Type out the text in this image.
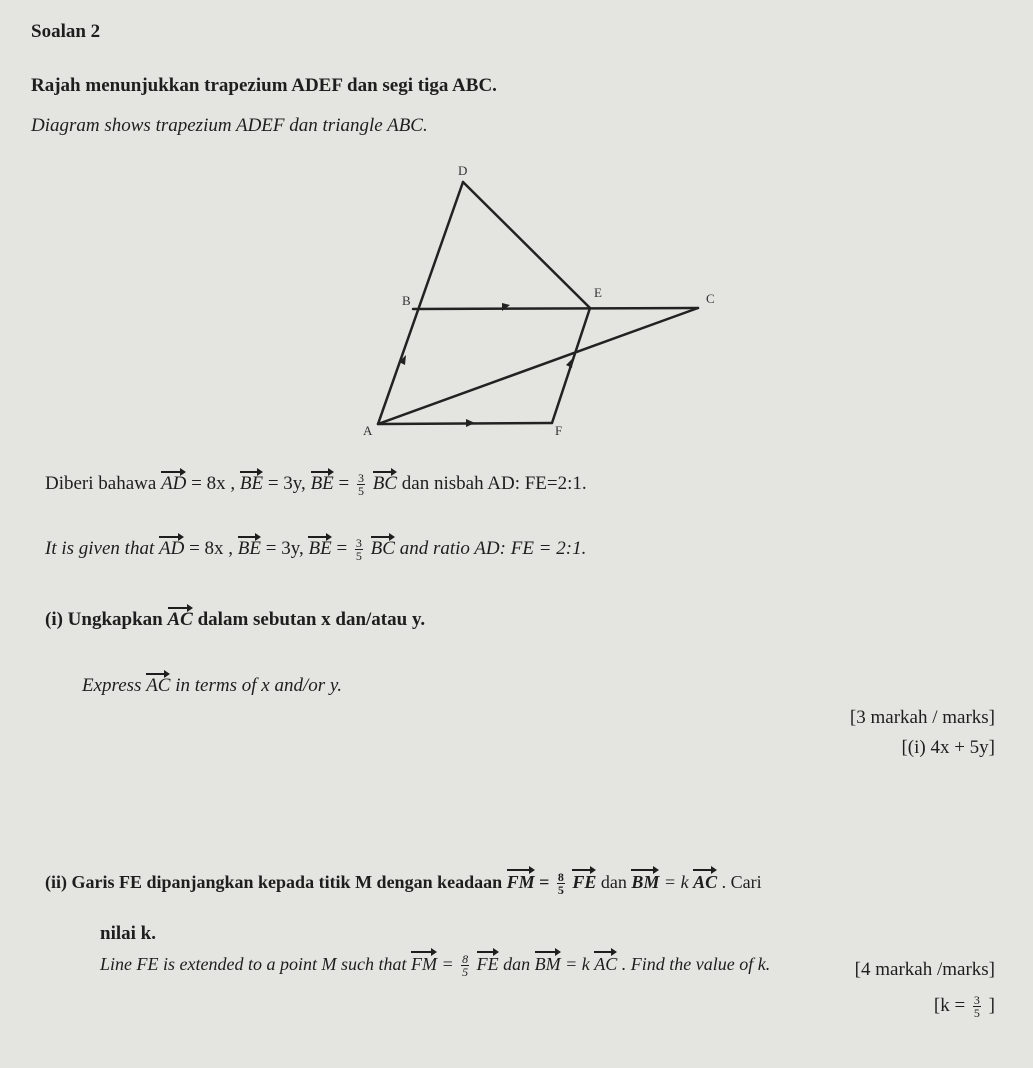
Soalan 2
Rajah menunjukkan trapezium ADEF dan segi tiga ABC.
Diagram shows trapezium ADEF dan triangle ABC.
D
B
E	C
A	F
Diberi bahawa AD = 8x , BE = 3y, BE = $\frac{3}{5}$ BC dan nisbah AD: FE=2:1.
It is given that AD = 8x , BE = 3y, BE = $\frac{3}{5}$ BC and ratio AD: FE = 2:1.
(i) Ungkapkan AC dalam sebutan x dan/atau y.
Express AC in terms of x and/or y.
[3 markah / marks]
[(i) 4x + 5y]
(ii) Garis FE dipanjangkan kepada titik M dengan keadaan FM = $\frac{8}{5}$ FE dan BM = k AC . Cari
nilai k.
Line FE is extended to a point M such that FM = $\frac{8}{5}$ FE dan BM = k AC . Find the value of k.	[4 markah /marks]
[$k = \frac{3}{5}$ ]
